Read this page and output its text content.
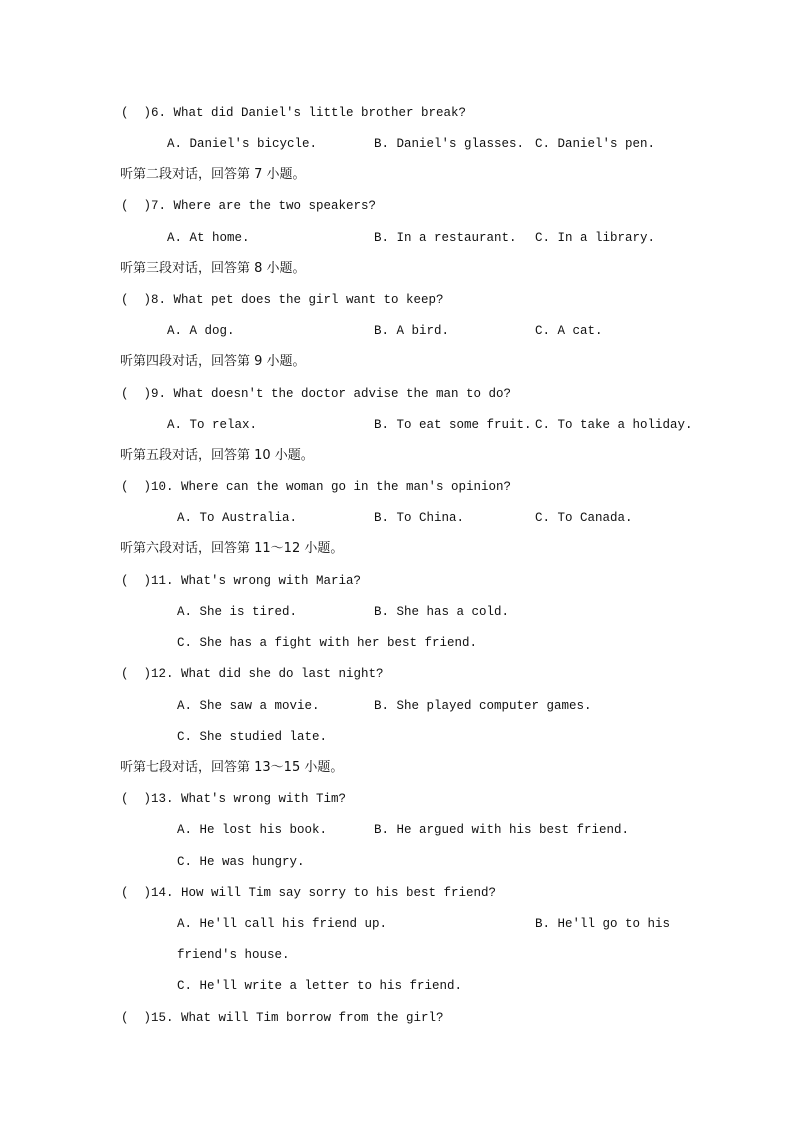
(  )6. What did Daniel's little brother break?
A. Daniel's bicycle.	B. Daniel's glasses. C. Daniel's pen.
听第二段对话，回答第 7 小题。
(  )7. Where are the two speakers?
A. At home.	B. In a restaurant. C. In a library.
听第三段对话，回答第 8 小题。
(  )8. What pet does the girl want to keep?
A. A dog.	B. A bird.	C. A cat.
听第四段对话，回答第 9 小题。
(  )9. What doesn't the doctor advise the man to do?
A. To relax.	B. To eat some fruit. C. To take a holiday.
听第五段对话，回答第 10 小题。
(  )10. Where can the woman go in the man's opinion?
A. To Australia.	B. To China.	C. To Canada.
听第六段对话，回答第 11～12 小题。
(  )11. What's wrong with Maria?
A. She is tired.	B. She has a cold.
C. She has a fight with her best friend.
(  )12. What did she do last night?
A. She saw a movie.	B. She played computer games.
C. She studied late.
听第七段对话，回答第 13～15 小题。
(  )13. What's wrong with Tim?
A. He lost his book.	B. He argued with his best friend.
C. He was hungry.
(  )14. How will Tim say sorry to his best friend?
A. He'll call his friend up.	B. He'll go to his
friend's house.
C. He'll write a letter to his friend.
(  )15. What will Tim borrow from the girl?
